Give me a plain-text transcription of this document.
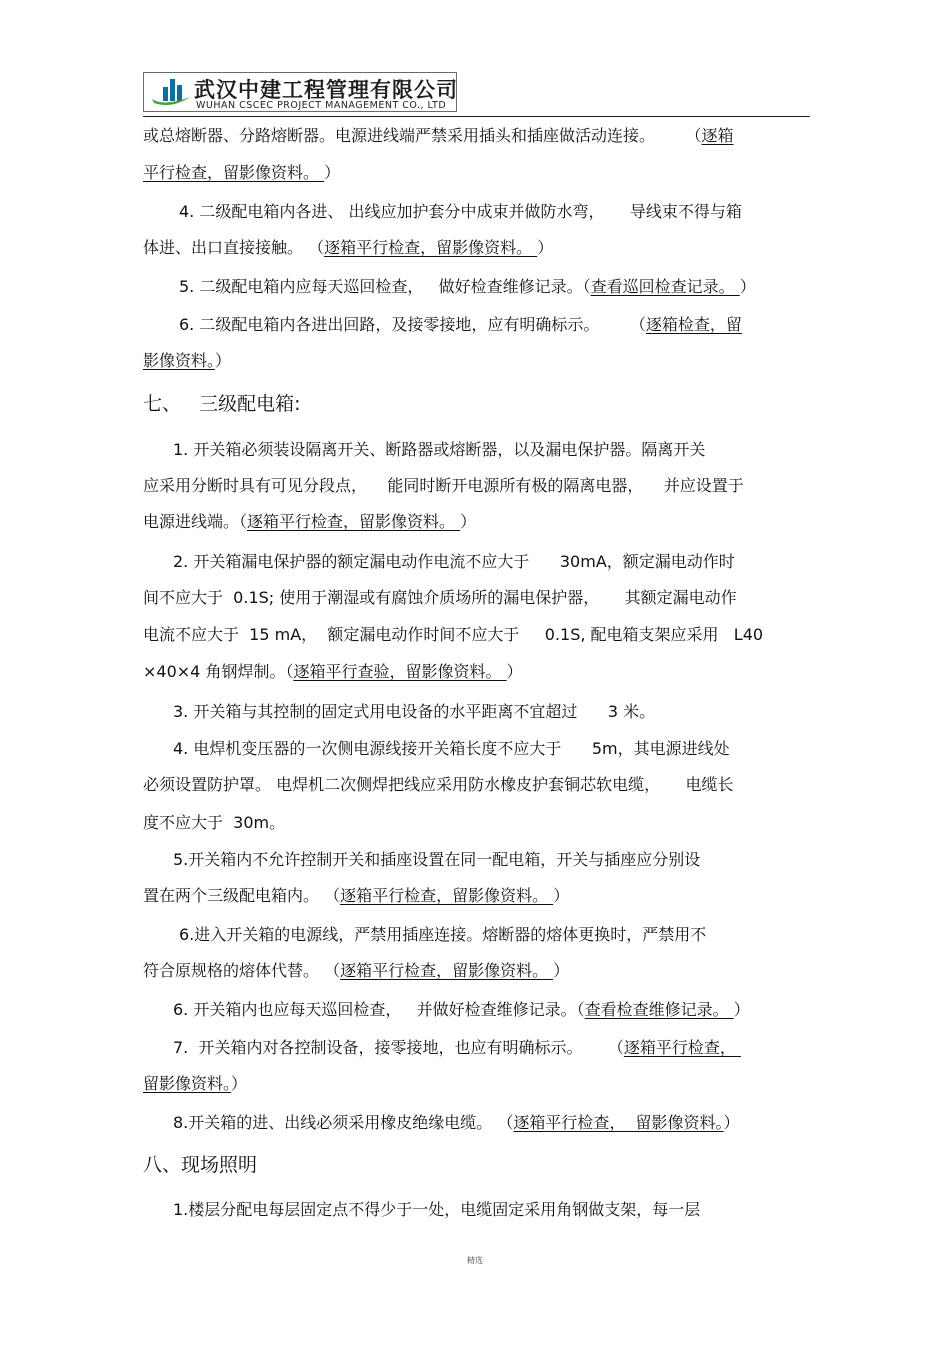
武汉中建工程管理有限公司
WUHAN CSCEC PROJECT MANAGEMENT CO., LTD
或总熔断器、分路熔断器。电源进线端严禁采用插头和插座做活动连接。      （逐箱
平行检查，留影像资料。 ）
4. 二级配电箱内各进、 出线应加护套分中成束并做防水弯，     导线束不得与箱
体进、出口直接接触。 （逐箱平行检查，留影像资料。 ）
5. 二级配电箱内应每天巡回检查，   做好检查维修记录。（查看巡回检查记录。 ）
6. 二级配电箱内各进出回路，及接零接地，应有明确标示。      （逐箱检查，留
影像资料。）
七、   三级配电箱:
1. 开关箱必须装设隔离开关、断路器或熔断器，以及漏电保护器。隔离开关
应采用分断时具有可见分段点，    能同时断开电源所有极的隔离电器，    并应设置于
电源进线端。（逐箱平行检查，留影像资料。 ）
2. 开关箱漏电保护器的额定漏电动作电流不应大于      30mA，额定漏电动作时
间不应大于  0.1S; 使用于潮湿或有腐蚀介质场所的漏电保护器，     其额定漏电动作
电流不应大于  15 mA，  额定漏电动作时间不应大于     0.1S, 配电箱支架应采用   L40
×40×4 角钢焊制。（逐箱平行查验，留影像资料。 ）
3. 开关箱与其控制的固定式用电设备的水平距离不宜超过      3 米。
4. 电焊机变压器的一次侧电源线接开关箱长度不应大于      5m，其电源进线处
必须设置防护罩。 电焊机二次侧焊把线应采用防水橡皮护套铜芯软电缆，     电缆长
度不应大于  30m。
5.开关箱内不允许控制开关和插座设置在同一配电箱，开关与插座应分别设
置在两个三级配电箱内。 （逐箱平行检查，留影像资料。 ）
6.进入开关箱的电源线，严禁用插座连接。熔断器的熔体更换时，严禁用不
符合原规格的熔体代替。 （逐箱平行检查，留影像资料。 ）
6. 开关箱内也应每天巡回检查，   并做好检查维修记录。（查看检查维修记录。 ）
7.  开关箱内对各控制设备，接零接地，也应有明确标示。     （逐箱平行检查，
留影像资料。）
8.开关箱的进、出线必须采用橡皮绝缘电缆。 （逐箱平行检查，  留影像资料。）
八、现场照明
1.楼层分配电每层固定点不得少于一处，电缆固定采用角钢做支架，每一层
精选
